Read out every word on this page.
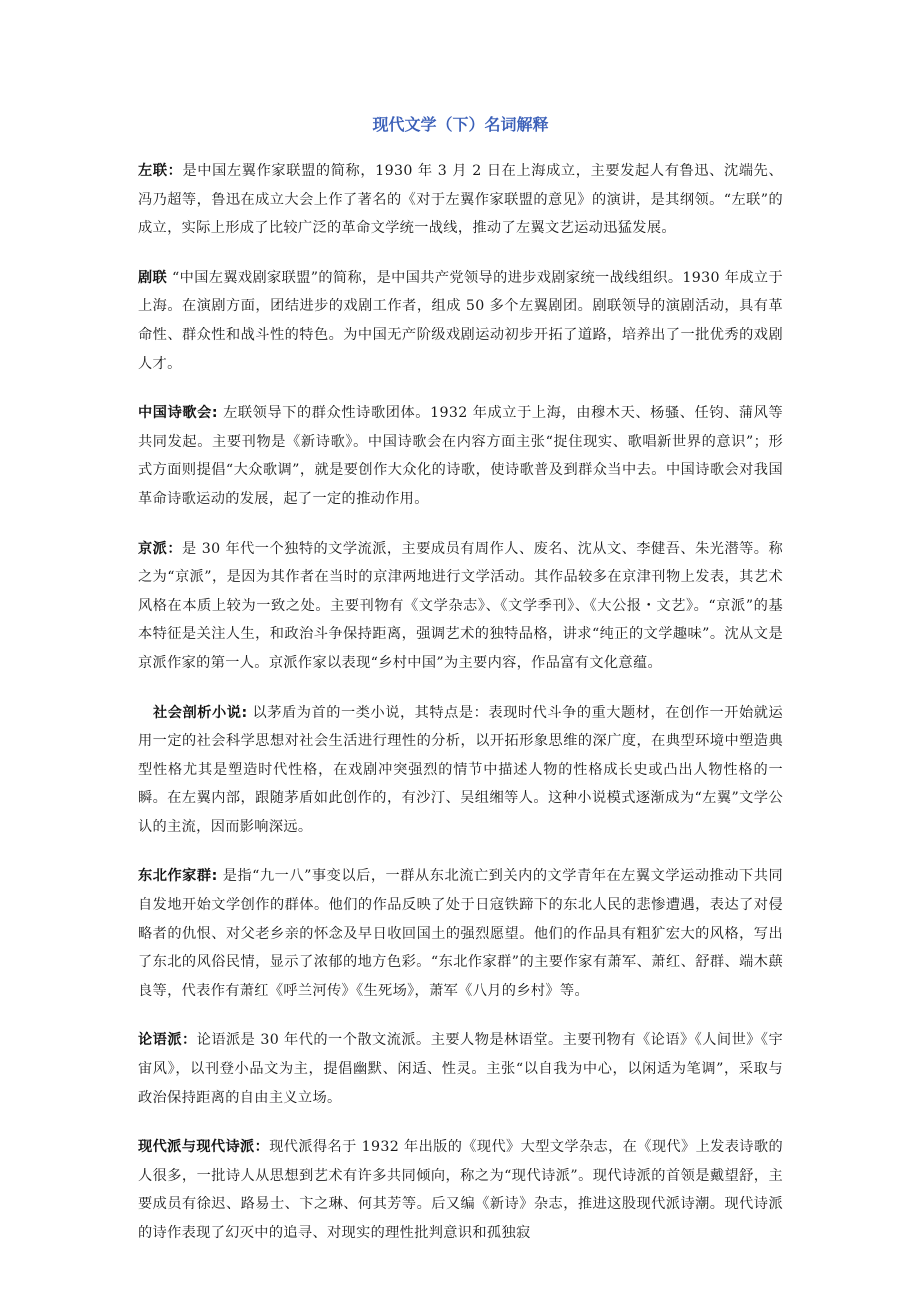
现代文学（下）名词解释

左联：是中国左翼作家联盟的简称，1930 年 3 月 2 日在上海成立，主要发起人有鲁迅、沈端先、冯乃超等，鲁迅在成立大会上作了著名的《对于左翼作家联盟的意见》的演讲，是其纲领。“左联”的成立，实际上形成了比较广泛的革命文学统一战线，推动了左翼文艺运动迅猛发展。

剧联 “中国左翼戏剧家联盟”的简称，是中国共产党领导的进步戏剧家统一战线组织。1930 年成立于上海。在演剧方面，团结进步的戏剧工作者，组成 50 多个左翼剧团。剧联领导的演剧活动，具有革命性、群众性和战斗性的特色。为中国无产阶级戏剧运动初步开拓了道路，培养出了一批优秀的戏剧人才。

中国诗歌会: 左联领导下的群众性诗歌团体。1932 年成立于上海，由穆木天、杨骚、任钧、蒲风等共同发起。主要刊物是《新诗歌》。中国诗歌会在内容方面主张“捉住现实、歌唱新世界的意识”；形式方面则提倡“大众歌调”，就是要创作大众化的诗歌，使诗歌普及到群众当中去。中国诗歌会对我国革命诗歌运动的发展，起了一定的推动作用。

京派：是 30 年代一个独特的文学流派，主要成员有周作人、废名、沈从文、李健吾、朱光潜等。称之为“京派”，是因为其作者在当时的京津两地进行文学活动。其作品较多在京津刊物上发表，其艺术风格在本质上较为一致之处。主要刊物有《文学杂志》、《文学季刊》、《大公报・文艺》。“京派”的基本特征是关注人生，和政治斗争保持距离，强调艺术的独特品格，讲求“纯正的文学趣味”。沈从文是京派作家的第一人。京派作家以表现“乡村中国”为主要内容，作品富有文化意蕴。

社会剖析小说: 以茅盾为首的一类小说，其特点是：表现时代斗争的重大题材，在创作一开始就运用一定的社会科学思想对社会生活进行理性的分析，以开拓形象思维的深广度，在典型环境中塑造典型性格尤其是塑造时代性格，在戏剧冲突强烈的情节中描述人物的性格成长史或凸出人物性格的一瞬。在左翼内部，跟随茅盾如此创作的，有沙汀、吴组缃等人。这种小说模式逐渐成为“左翼”文学公认的主流，因而影响深远。

东北作家群: 是指“九一八”事变以后，一群从东北流亡到关内的文学青年在左翼文学运动推动下共同自发地开始文学创作的群体。他们的作品反映了处于日寇铁蹄下的东北人民的悲惨遭遇，表达了对侵略者的仇恨、对父老乡亲的怀念及早日收回国土的强烈愿望。他们的作品具有粗犷宏大的风格，写出了东北的风俗民情，显示了浓郁的地方色彩。“东北作家群”的主要作家有萧军、萧红、舒群、端木蕻良等，代表作有萧红《呼兰河传》《生死场》，萧军《八月的乡村》等。

论语派：论语派是 30 年代的一个散文流派。主要人物是林语堂。主要刊物有《论语》《人间世》《宇宙风》，以刊登小品文为主，提倡幽默、闲适、性灵。主张“以自我为中心，以闲适为笔调”，采取与政治保持距离的自由主义立场。

现代派与现代诗派：现代派得名于 1932 年出版的《现代》大型文学杂志，在《现代》上发表诗歌的人很多，一批诗人从思想到艺术有许多共同倾向，称之为“现代诗派”。现代诗派的首领是戴望舒，主要成员有徐迟、路易士、卞之琳、何其芳等。后又编《新诗》杂志，推进这股现代派诗潮。现代诗派的诗作表现了幻灭中的追寻、对现实的理性批判意识和孤独寂
